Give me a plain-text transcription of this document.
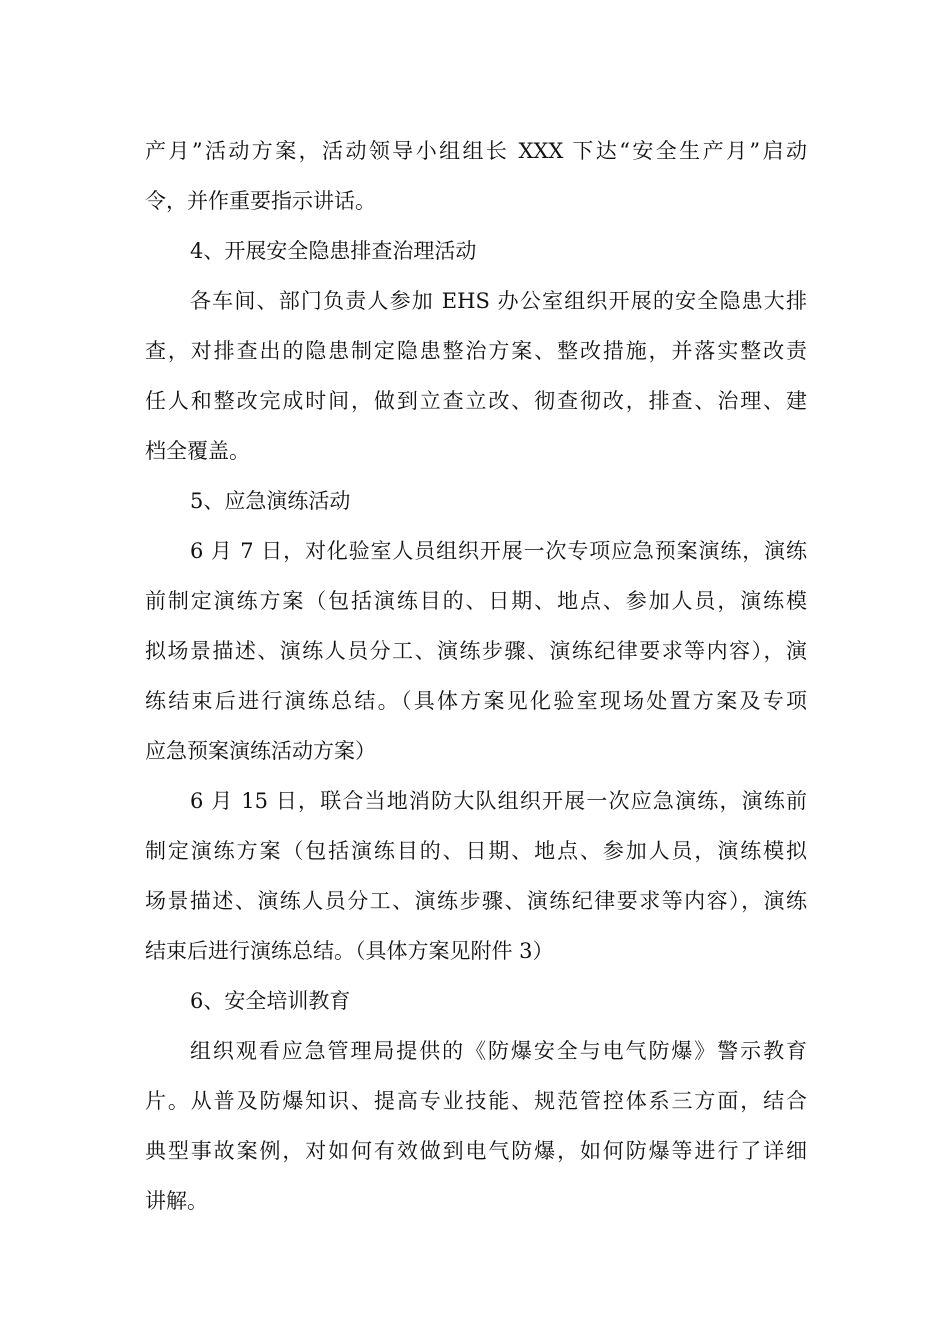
产月”活动方案，活动领导小组组长 XXX 下达“安全生产月”启动
令，并作重要指示讲话。
4、开展安全隐患排查治理活动
各车间、部门负责人参加 EHS 办公室组织开展的安全隐患大排
查，对排查出的隐患制定隐患整治方案、整改措施，并落实整改责
任人和整改完成时间，做到立查立改、彻查彻改，排查、治理、建
档全覆盖。
5、应急演练活动
6 月 7 日，对化验室人员组织开展一次专项应急预案演练，演练
前制定演练方案（包括演练目的、日期、地点、参加人员，演练模
拟场景描述、演练人员分工、演练步骤、演练纪律要求等内容），演
练结束后进行演练总结。（具体方案见化验室现场处置方案及专项
应急预案演练活动方案）
6 月 15 日，联合当地消防大队组织开展一次应急演练，演练前
制定演练方案（包括演练目的、日期、地点、参加人员，演练模拟
场景描述、演练人员分工、演练步骤、演练纪律要求等内容），演练
结束后进行演练总结。（具体方案见附件 3）
6、安全培训教育
组织观看应急管理局提供的《防爆安全与电气防爆》警示教育
片。从普及防爆知识、提高专业技能、规范管控体系三方面，结合
典型事故案例，对如何有效做到电气防爆，如何防爆等进行了详细
讲解。
